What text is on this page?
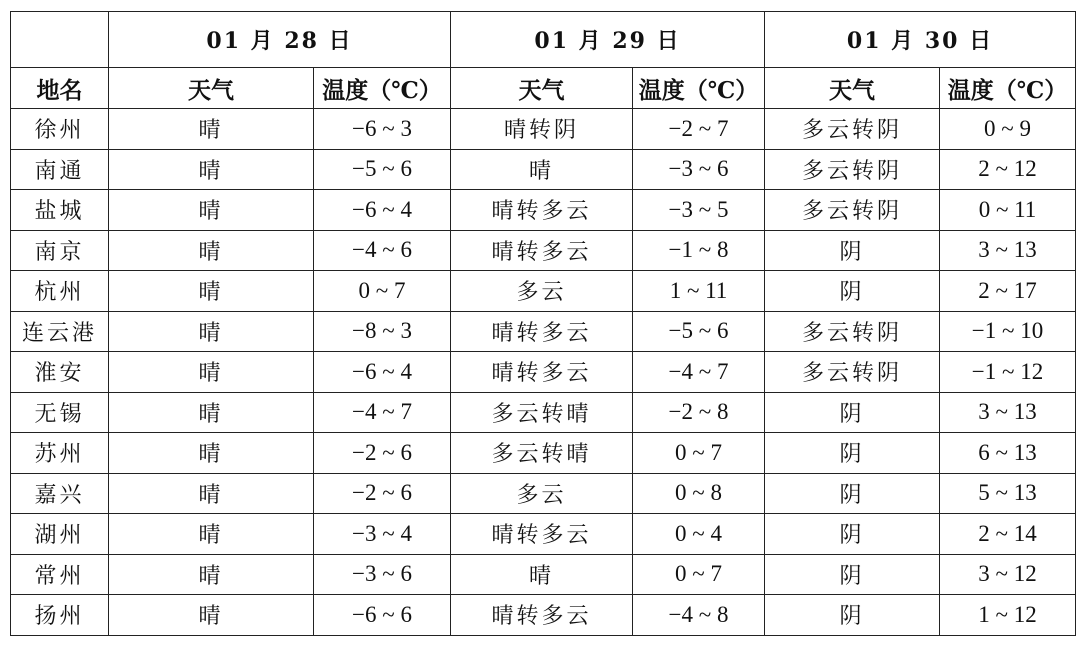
	01 月 28 日		01 月 29 日		01 月 30 日	
地名	天气	温度（℃）	天气	温度（℃）	天气	温度（℃）
徐州	晴	−6 ~ 3	晴转阴	−2 ~ 7	多云转阴	0 ~ 9
南通	晴	−5 ~ 6	晴	−3 ~ 6	多云转阴	2 ~ 12
盐城	晴	−6 ~ 4	晴转多云	−3 ~ 5	多云转阴	0 ~ 11
南京	晴	−4 ~ 6	晴转多云	−1 ~ 8	阴	3 ~ 13
杭州	晴	0 ~ 7	多云	1 ~ 11	阴	2 ~ 17
连云港	晴	−8 ~ 3	晴转多云	−5 ~ 6	多云转阴	−1 ~ 10
淮安	晴	−6 ~ 4	晴转多云	−4 ~ 7	多云转阴	−1 ~ 12
无锡	晴	−4 ~ 7	多云转晴	−2 ~ 8	阴	3 ~ 13
苏州	晴	−2 ~ 6	多云转晴	0 ~ 7	阴	6 ~ 13
嘉兴	晴	−2 ~ 6	多云	0 ~ 8	阴	5 ~ 13
湖州	晴	−3 ~ 4	晴转多云	0 ~ 4	阴	2 ~ 14
常州	晴	−3 ~ 6	晴	0 ~ 7	阴	3 ~ 12
扬州	晴	−6 ~ 6	晴转多云	−4 ~ 8	阴	1 ~ 12
